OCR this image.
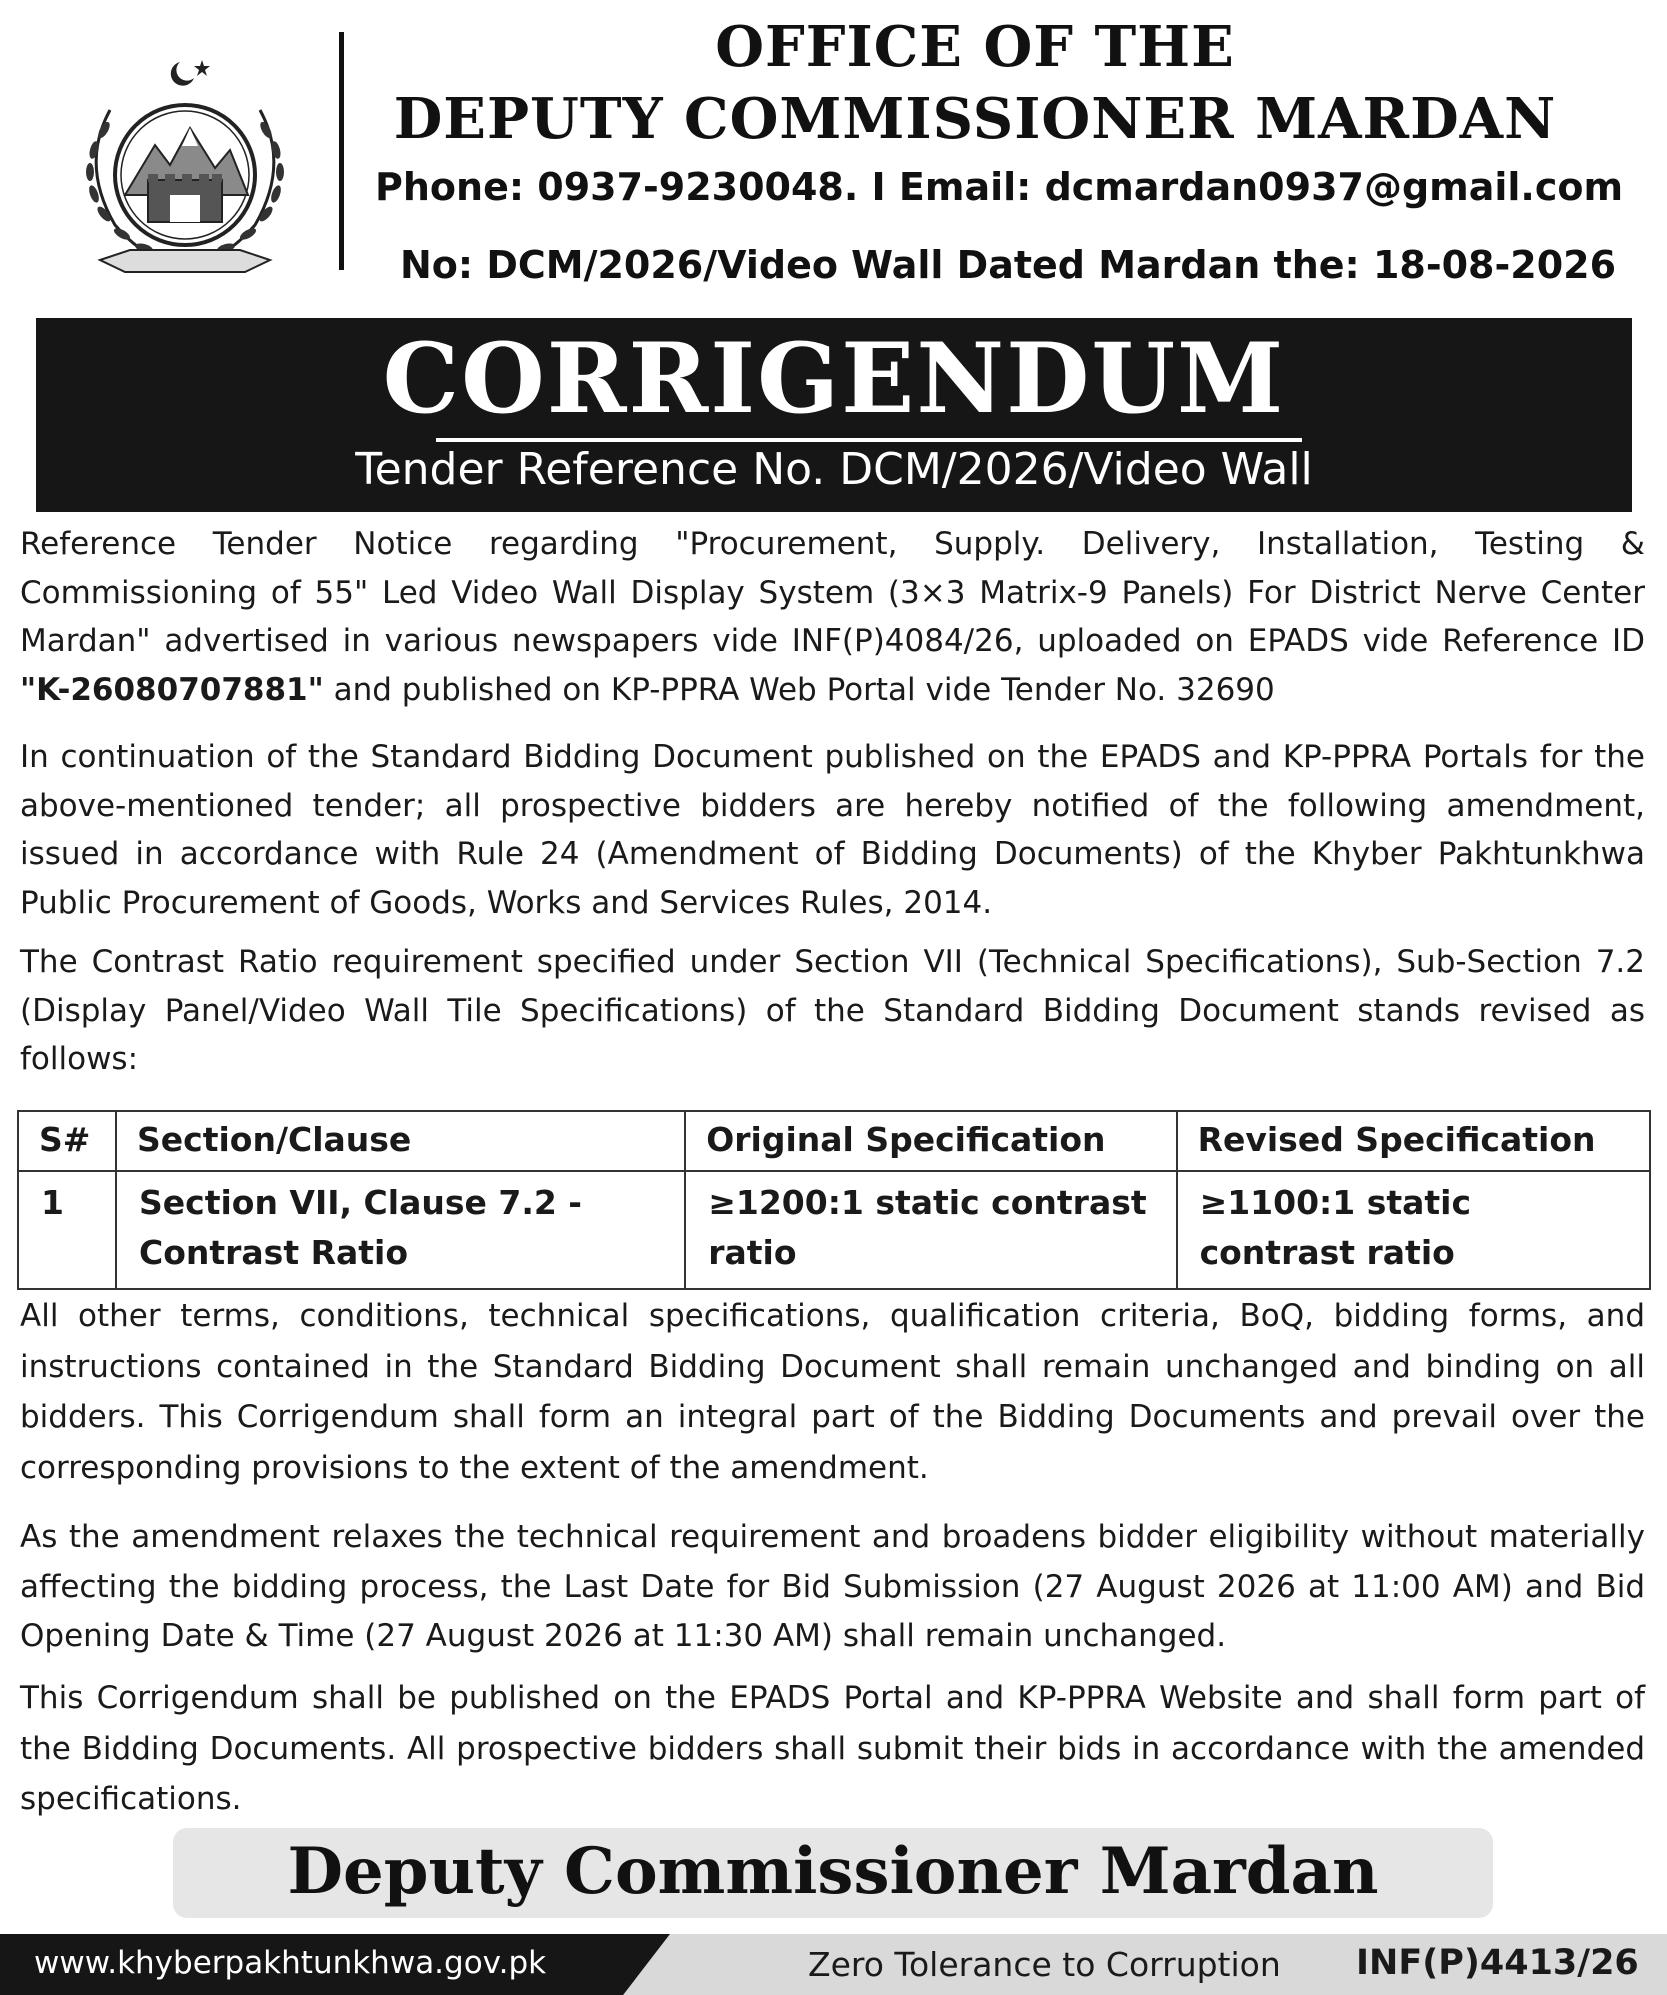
OFFICE OF THE
DEPUTY COMMISSIONER MARDAN
Phone: 0937-9230048. I Email: dcmardan0937@gmail.com
No: DCM/2026/Video Wall Dated Mardan the: 18-08-2026
CORRIGENDUM
Tender Reference No. DCM/2026/Video Wall

Reference Tender Notice regarding "Procurement, Supply. Delivery, Installation, Testing & Commissioning of 55" Led Video Wall Display System (3×3 Matrix-9 Panels) For District Nerve Center Mardan" advertised in various newspapers vide INF(P)4084/26, uploaded on EPADS vide Reference ID "K-26080707881" and published on KP-PPRA Web Portal vide Tender No. 32690

In continuation of the Standard Bidding Document published on the EPADS and KP-PPRA Portals for the above-mentioned tender; all prospective bidders are hereby notified of the following amendment, issued in accordance with Rule 24 (Amendment of Bidding Documents) of the Khyber Pakhtunkhwa Public Procurement of Goods, Works and Services Rules, 2014.

The Contrast Ratio requirement specified under Section VII (Technical Specifications), Sub-Section 7.2 (Display Panel/Video Wall Tile Specifications) of the Standard Bidding Document stands revised as follows:

S#	Section/Clause	Original Specification	Revised Specification
1	Section VII, Clause 7.2 - Contrast Ratio	≥1200:1 static contrast ratio	≥1100:1 static contrast ratio

All other terms, conditions, technical specifications, qualification criteria, BoQ, bidding forms, and instructions contained in the Standard Bidding Document shall remain unchanged and binding on all bidders. This Corrigendum shall form an integral part of the Bidding Documents and prevail over the corresponding provisions to the extent of the amendment.

As the amendment relaxes the technical requirement and broadens bidder eligibility without materially affecting the bidding process, the Last Date for Bid Submission (27 August 2026 at 11:00 AM) and Bid Opening Date & Time (27 August 2026 at 11:30 AM) shall remain unchanged.

This Corrigendum shall be published on the EPADS Portal and KP-PPRA Website and shall form part of the Bidding Documents. All prospective bidders shall submit their bids in accordance with the amended specifications.

Deputy Commissioner Mardan
www.khyberpakhtunkhwa.gov.pk	Zero Tolerance to Corruption INF(P)4413/26
